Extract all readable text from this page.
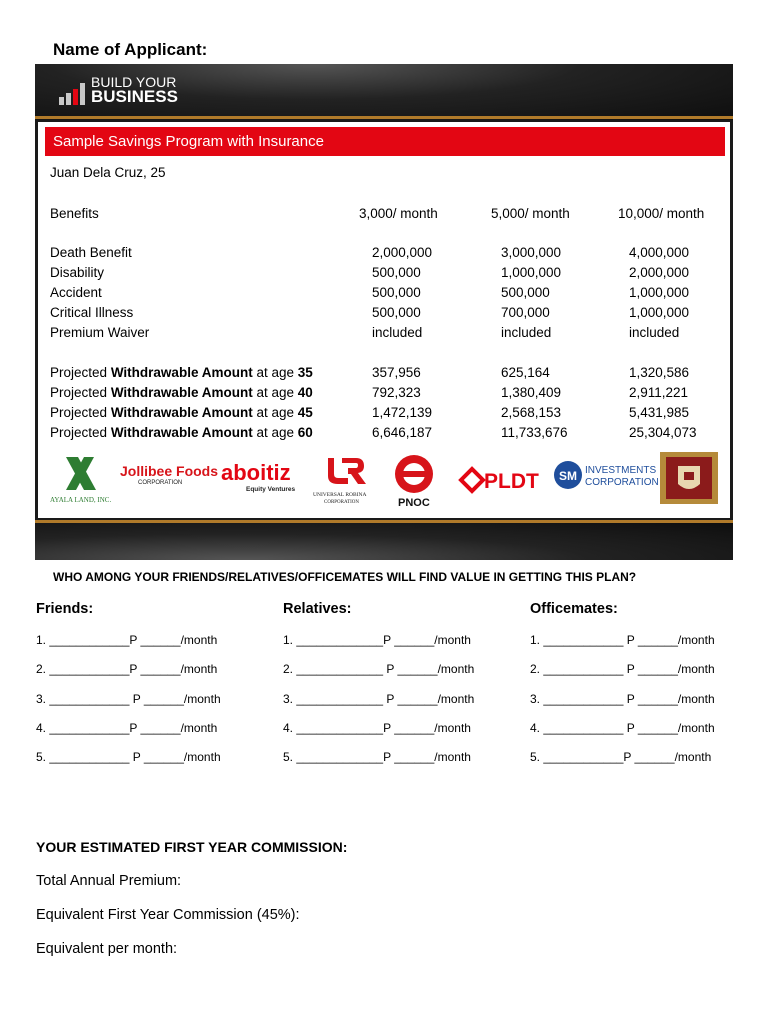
Name of Applicant:
BUILD YOUR
BUSINESS
Sample Savings Program with Insurance
Juan Dela Cruz, 25
Benefits	3,000/ month	5,000/ month	10,000/ month
Death Benefit	2,000,000	3,000,000	4,000,000
Disability	500,000	1,000,000	2,000,000
Accident	500,000	500,000	1,000,000
Critical Illness	500,000	700,000	1,000,000
Premium Waiver	included	included	included
Projected Withdrawable Amount at age 35	357,956	625,164	1,320,586
Projected Withdrawable Amount at age 40	792,323	1,380,409	2,911,221
Projected Withdrawable Amount at age 45	1,472,139	2,568,153	5,431,985
Projected Withdrawable Amount at age 60	6,646,187	11,733,676	25,304,073
AYALA LAND, INC.
Jollibee Foods
CORPORATION aboitiz
Equity Ventures
UNIVERSAL ROBINA
CORPORATION	PNOC
PLDT SM INVESTMENTS
CORPORATION
WHO AMONG YOUR FRIENDS/RELATIVES/OFFICEMATES WILL FIND VALUE IN GETTING THIS PLAN?
Friends:
1. ____________P ______/month
2. ____________P ______/month
3. ____________ P ______/month
4. ____________P ______/month
5. ____________ P ______/month
Relatives:
1. _____________P ______/month
2. _____________ P ______/month
3. _____________ P ______/month
4. _____________P ______/month
5. _____________P ______/month
Officemates:
1. ____________ P ______/month
2. ____________ P ______/month
3. ____________ P ______/month
4. ____________ P ______/month
5. ____________P ______/month
YOUR ESTIMATED FIRST YEAR COMMISSION:
Total Annual Premium:
Equivalent First Year Commission (45%):
Equivalent per month:
